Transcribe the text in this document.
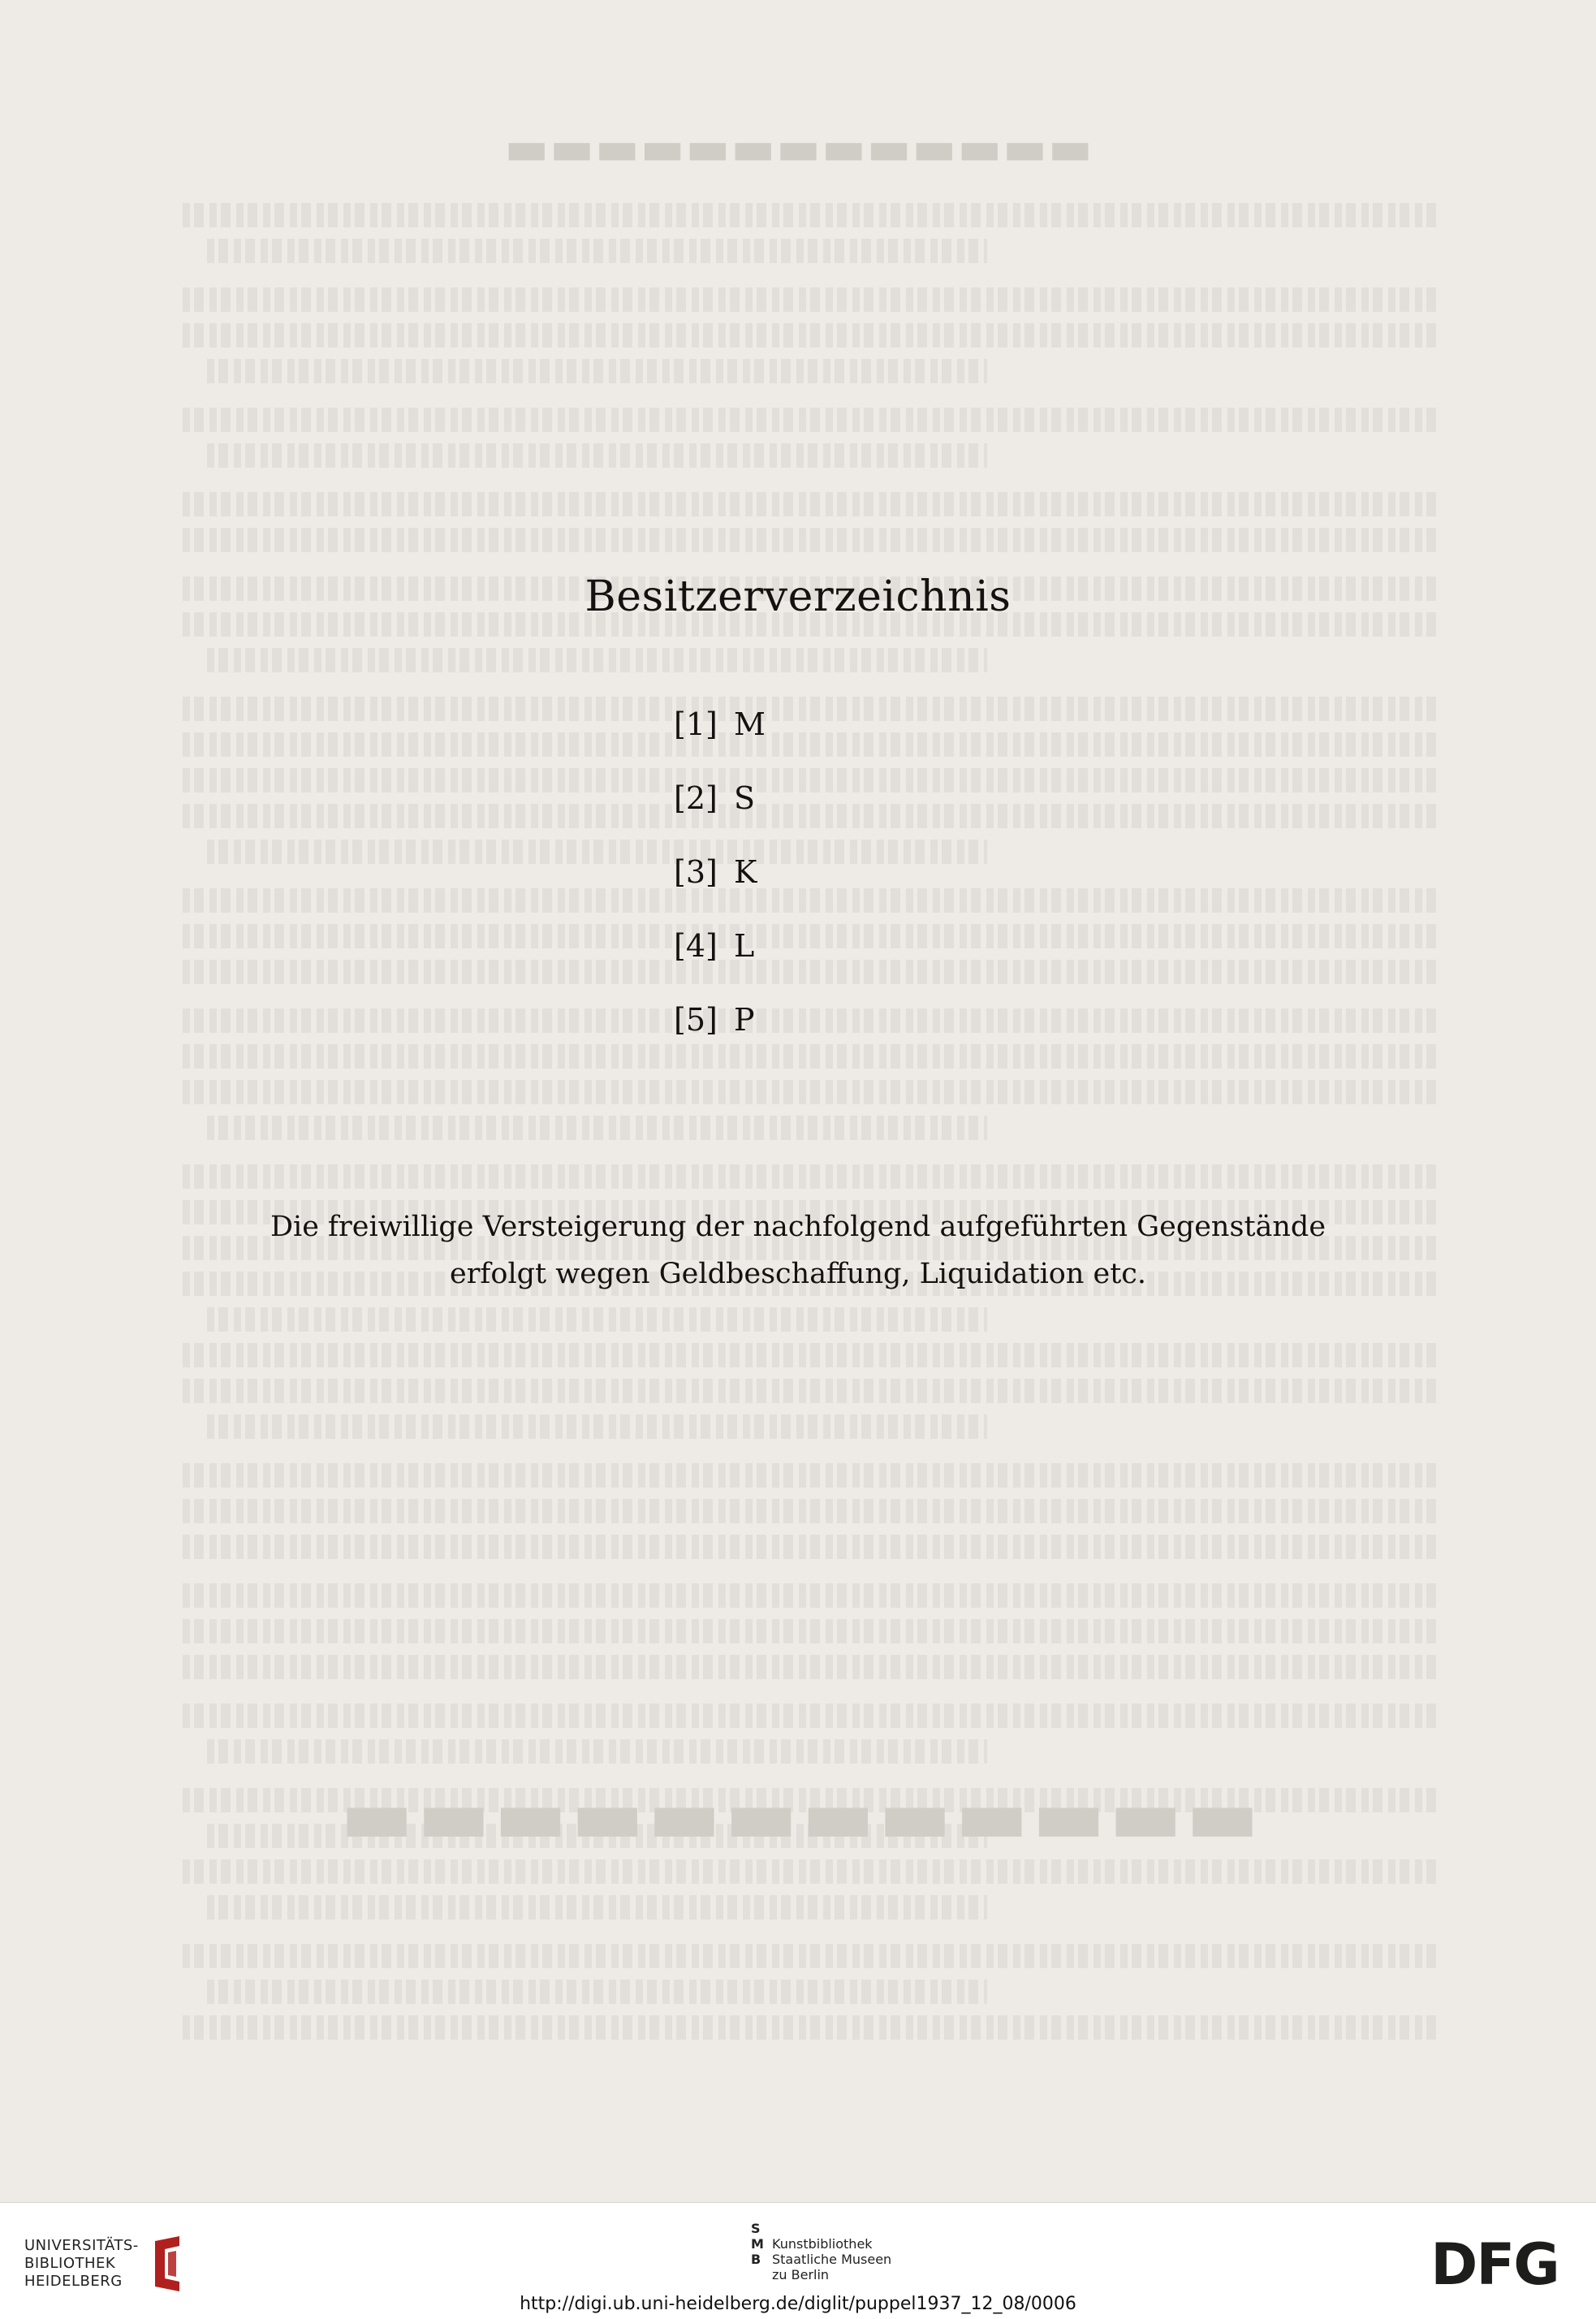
▬▬▬▬▬▬▬▬▬▬▬▬▬
▬▬▬▬▬▬▬▬▬▬▬▬
Besitzerverzeichnis
[1] M
[2] S
[3] K
[4] L
[5] P

Die freiwillige Versteigerung der nachfolgend aufgeführten Gegenstände
erfolgt wegen Geldbeschaffung, Liquidation etc.

UNIVERSITÄTS-
BIBLIOTHEK
HEIDELBERG
S M
B
Kunstbibliothek
Staatliche Museen
zu Berlin	DFG
http://digi.ub.uni-heidelberg.de/diglit/puppel1937_12_08/0006
